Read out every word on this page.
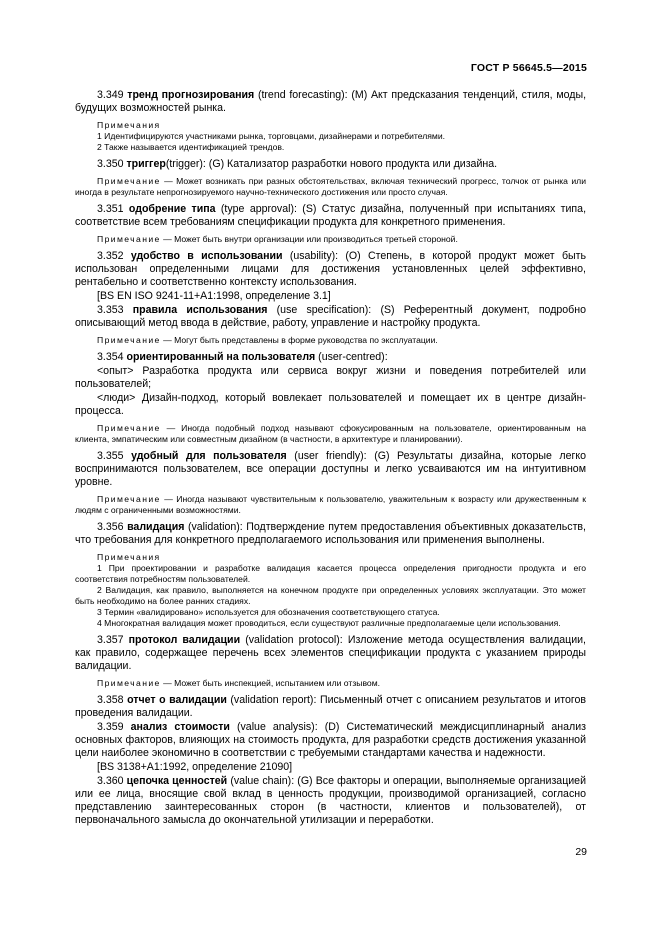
ГОСТ Р 56645.5—2015

3.349 тренд прогнозирования (trend forecasting): (М) Акт предсказания тенденций, стиля, моды, будущих возможностей рынка.

Примечания

1 Идентифицируются участниками рынка, торговцами, дизайнерами и потребителями.

2 Также называется идентификацией трендов.

3.350 триггер(trigger): (G) Катализатор разработки нового продукта или дизайна.

Примечание — Может возникать при разных обстоятельствах, включая технический прогресс, толчок от рынка или иногда в результате непрогнозируемого научно-технического достижения или просто случая.

3.351 одобрение типа (type approval): (S) Статус дизайна, полученный при испытаниях типа, соответствие всем требованиям спецификации продукта для конкретного применения.

Примечание — Может быть внутри организации или производиться третьей стороной.

3.352 удобство в использовании (usability): (О) Степень, в которой продукт может быть использован определенными лицами для достижения установленных целей эффективно, рентабельно и соответственно контексту использования.

[BS EN ISO 9241-11+A1:1998, определение 3.1]

3.353 правила использования (use specification): (S) Референтный документ, подробно описывающий метод ввода в действие, работу, управление и настройку продукта.

Примечание — Могут быть представлены в форме руководства по эксплуатации.

3.354 ориентированный на пользователя (user-centred):

<опыт> Разработка продукта или сервиса вокруг жизни и поведения потребителей или пользователей;

<люди> Дизайн-подход, который вовлекает пользователей и помещает их в центре дизайн-процесса.

Примечание — Иногда подобный подход называют сфокусированным на пользователе, ориентированным на клиента, эмпатическим или совместным дизайном (в частности, в архитектуре и планировании).

3.355 удобный для пользователя (user friendly): (G) Результаты дизайна, которые легко воспринимаются пользователем, все операции доступны и легко усваиваются им на интуитивном уровне.

Примечание — Иногда называют чувствительным к пользователю, уважительным к возрасту или дружественным к людям с ограниченными возможностями.

3.356 валидация (validation): Подтверждение путем предоставления объективных доказательств, что требования для конкретного предполагаемого использования или применения выполнены.

Примечания

1 При проектировании и разработке валидация касается процесса определения пригодности продукта и его соответствия потребностям пользователей.

2 Валидация, как правило, выполняется на конечном продукте при определенных условиях эксплуатации. Это может быть необходимо на более ранних стадиях.

3 Термин «валидировано» используется для обозначения соответствующего статуса.

4 Многократная валидация может проводиться, если существуют различные предполагаемые цели использования.

3.357 протокол валидации (validation protocol): Изложение метода осуществления валидации, как правило, содержащее перечень всех элементов спецификации продукта с указанием природы валидации.

Примечание — Может быть инспекцией, испытанием или отзывом.

3.358 отчет о валидации (validation report): Письменный отчет с описанием результатов и итогов проведения валидации.

3.359 анализ стоимости (value analysis): (D) Систематический междисциплинарный анализ основных факторов, влияющих на стоимость продукта, для разработки средств достижения указанной цели наиболее экономично в соответствии с требуемыми стандартами качества и надежности.

[BS 3138+A1:1992, определение 21090]

3.360 цепочка ценностей (value chain): (G) Все факторы и операции, выполняемые организацией или ее лица, вносящие свой вклад в ценность продукции, производимой организацией, согласно представлению заинтересованных сторон (в частности, клиентов и пользователей), от первоначального замысла до окончательной утилизации и переработки.

29
